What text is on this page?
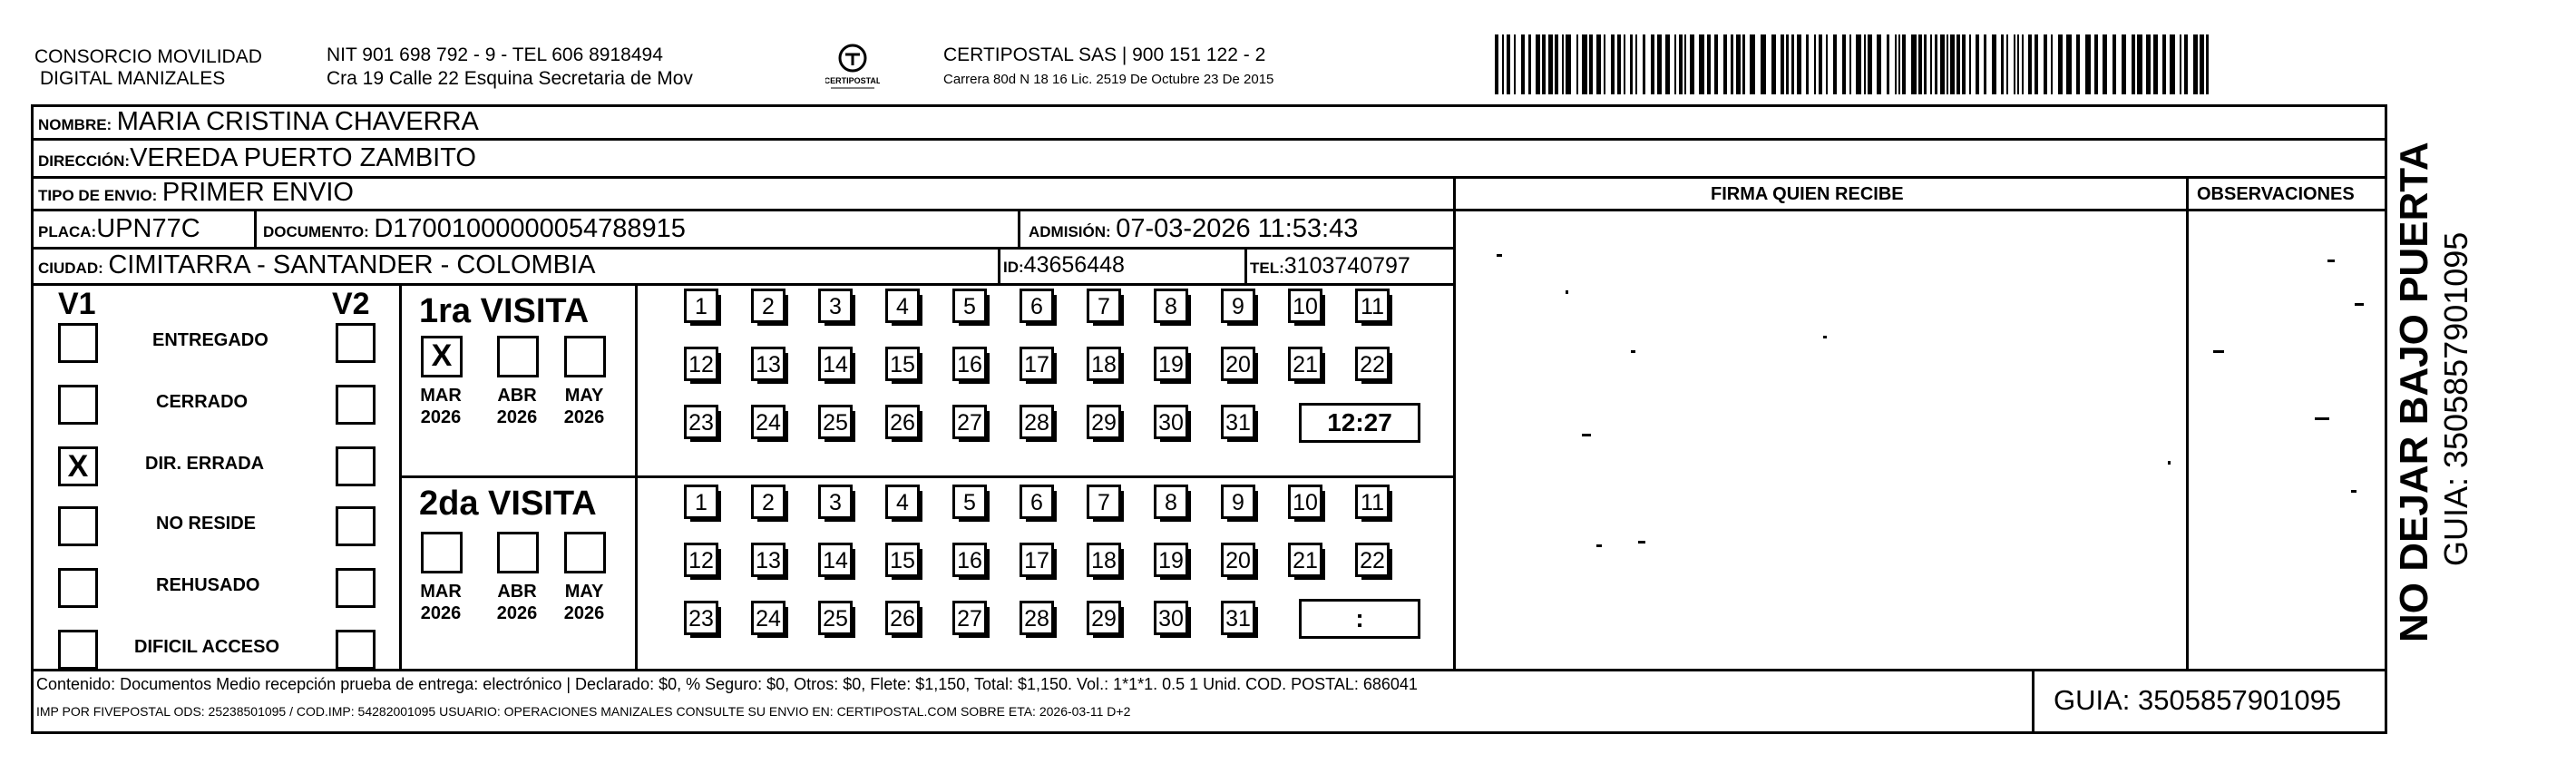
CONSORCIO MOVILIDAD
DIGITAL MANIZALES
NIT 901 698 792 - 9 - TEL 606 8918494
Cra 19 Calle 22 Esquina Secretaria de Mov	CERTIPOSTAL
CERTIPOSTAL SAS | 900 151 122 - 2
Carrera 80d N 18 16 Lic. 2519 De Octubre 23 De 2015
NOMBRE: MARIA CRISTINA CHAVERRA
DIRECCIÓN:VEREDA PUERTO ZAMBITO
TIPO DE ENVIO: PRIMER ENVIO
PLACA:UPN77C	DOCUMENTO: D17001000000054788915	ADMISIÓN: 07-03-2026 11:53:43
CIUDAD: CIMITARRA - SANTANDER - COLOMBIA	ID:43656448	TEL:3103740797
FIRMA QUIEN RECIBE	OBSERVACIONES
V1	V2
ENTREGADO
CERRADO
X	DIR. ERRADA
NO RESIDE
REHUSADO
DIFICIL ACCESO
1ra VISITA
2da VISITA
X
MAR
2026
ABR
2026
MAY
2026
1	2	3	4	5	6	7	8	9	10 11
12 13 14 15 16 17 18 19 20 21 22
23 24 25 26 27 28 29 30 31	12:27
MAR
2026
ABR
2026
MAY
2026
1	2	3	4	5	6	7	8	9	10 11
12 13 14 15 16 17 18 19 20 21 22
23 24 25 26 27 28 29 30 31	:
Contenido: Documentos Medio recepción prueba de entrega: electrónico | Declarado: $0, % Seguro: $0, Otros: $0, Flete: $1,150, Total: $1,150. Vol.: 1*1*1. 0.5 1 Unid. COD. POSTAL: 686041
IMP POR FIVEPOSTAL ODS: 25238501095 / COD.IMP: 54282001095 USUARIO: OPERACIONES MANIZALES CONSULTE SU ENVIO EN: CERTIPOSTAL.COM SOBRE ETA: 2026-03-11 D+2	GUIA: 3505857901095
NO DEJAR BAJO PUERTA GUIA: 3505857901095
